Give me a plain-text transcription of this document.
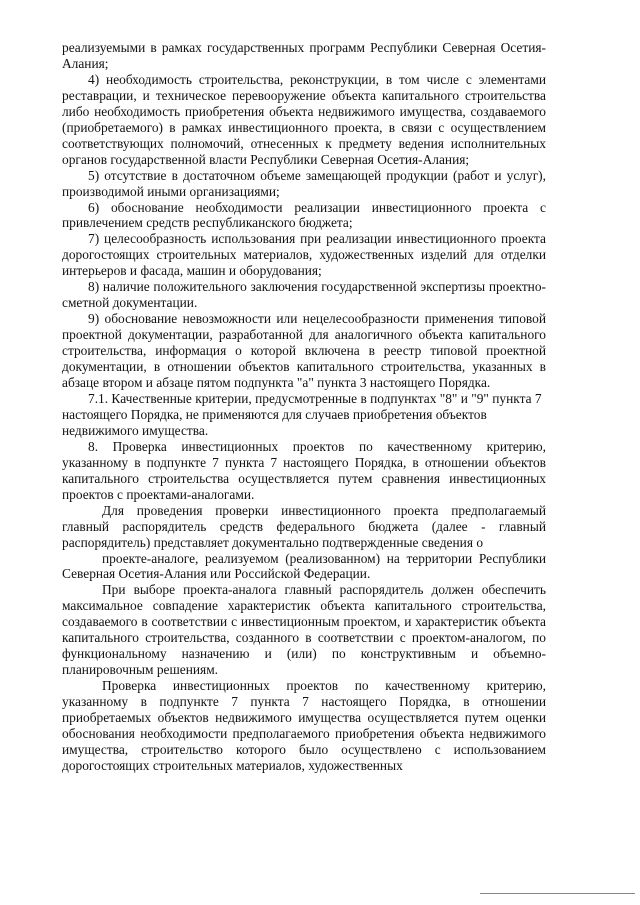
реализуемыми в рамках государственных программ Республики Северная Осетия-Алания;

4) необходимость строительства, реконструкции, в том числе с элементами реставрации, и техническое перевооружение объекта капитального строительства либо необходимость приобретения объекта недвижимого имущества, создаваемого (приобретаемого) в рамках инвестиционного проекта, в связи с осуществлением соответствующих полномочий, отнесенных к предмету ведения исполнительных органов государственной власти Республики Северная Осетия-Алания;

5) отсутствие в достаточном объеме замещающей продукции (работ и услуг), производимой иными организациями;

6) обоснование необходимости реализации инвестиционного проекта с привлечением средств республиканского бюджета;

7) целесообразность использования при реализации инвестиционного проекта дорогостоящих строительных материалов, художественных изделий для отделки интерьеров и фасада, машин и оборудования;

8) наличие положительного заключения государственной экспертизы проектно-сметной документации.

9) обоснование невозможности или нецелесообразности применения типовой проектной документации, разработанной для аналогичного объекта капитального строительства, информация о которой включена в реестр типовой проектной документации, в отношении объектов капитального строительства, указанных в абзаце втором и абзаце пятом подпункта "а" пункта 3 настоящего Порядка.

7.1. Качественные критерии, предусмотренные в подпунктах "8" и "9" пункта 7 настоящего Порядка, не применяются для случаев приобретения объектов недвижимого имущества.

8. Проверка инвестиционных проектов по качественному критерию, указанному в подпункте 7 пункта 7 настоящего Порядка, в отношении объектов капитального строительства осуществляется путем сравнения инвестиционных проектов с проектами-аналогами.

Для проведения проверки инвестиционного проекта предполагаемый главный распорядитель средств федерального бюджета (далее - главный распорядитель) представляет документально подтвержденные сведения о

проекте-аналоге, реализуемом (реализованном) на территории Республики Северная Осетия-Алания или Российской Федерации.

При выборе проекта-аналога главный распорядитель должен обеспечить максимальное совпадение характеристик объекта капитального строительства, создаваемого в соответствии с инвестиционным проектом, и характеристик объекта капитального строительства, созданного в соответствии с проектом-аналогом, по функциональному назначению и (или) по конструктивным и объемно-планировочным решениям.

Проверка инвестиционных проектов по качественному критерию, указанному в подпункте 7 пункта 7 настоящего Порядка, в отношении приобретаемых объектов недвижимого имущества осуществляется путем оценки обоснования необходимости предполагаемого приобретения объекта недвижимого имущества, строительство которого было осуществлено с использованием дорогостоящих строительных материалов, художественных
